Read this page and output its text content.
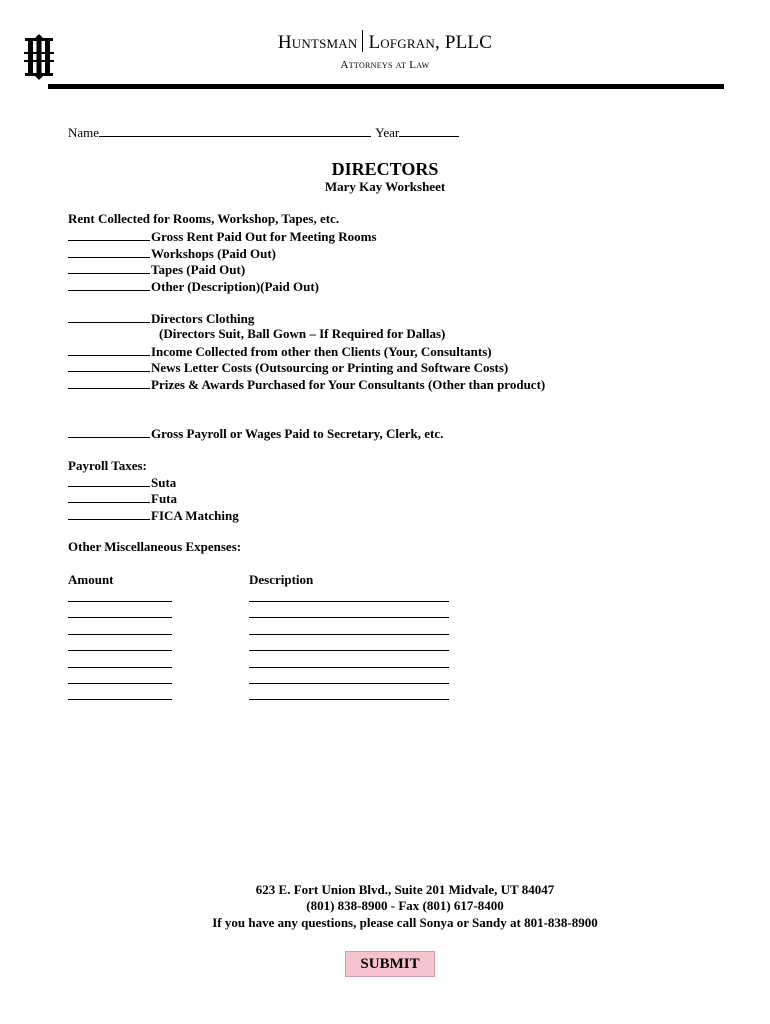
Huntsman Lofgran, PLLC
Attorneys at Law
Name	Year
DIRECTORS
Mary Kay Worksheet
Rent Collected for Rooms, Workshop, Tapes, etc.
Gross Rent Paid Out for Meeting Rooms
Workshops (Paid Out)
Tapes (Paid Out)
Other (Description)(Paid Out)
Directors Clothing
(Directors Suit, Ball Gown – If Required for Dallas)
Income Collected from other then Clients (Your, Consultants)
News Letter Costs (Outsourcing or Printing and Software Costs)
Prizes & Awards Purchased for Your Consultants (Other than product)
Gross Payroll or Wages Paid to Secretary, Clerk, etc.
Payroll Taxes:
Suta
Futa
FICA Matching
Other Miscellaneous Expenses:
Amount	Description
623 E. Fort Union Blvd., Suite 201 Midvale, UT 84047
(801) 838-8900 - Fax (801) 617-8400
If you have any questions, please call Sonya or Sandy at 801-838-8900
SUBMIT
